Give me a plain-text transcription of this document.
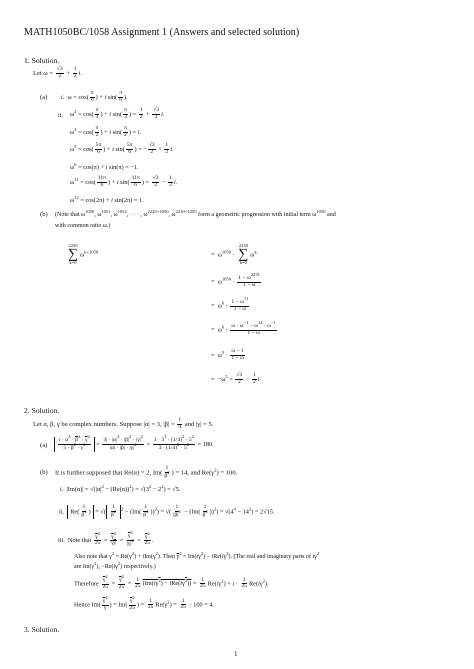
MATH1050BC/1058 Assignment 1 (Answers and selected solution)
1. Solution.
Let $\omega = \frac{√3}{2} + \frac{1}{2} i$.
(a) i.  $\omega = \cos( \frac{\pi}{6}$ ) + i $\sin( \frac{\pi}{6}$ ).
ii. $\omega^2 = \cos( \frac{\pi}{3}$ ) + i $\sin( \frac{\pi}{3}$ ) = $\frac{1}{2} + \frac{√3}{2} i$.
$\omega^3 = \cos( \frac{\pi}{2}$ ) + i $\sin( \frac{\pi}{2}$ ) = i.
$\omega^5 = \cos( \frac{5\pi}{6}$ ) + i $\sin( \frac{5\pi}{6}$ ) = − $\frac{√3}{2} + \frac{1}{2} i$.
$\omega^6 = \cos(\pi) + i$ sin(π) = −1.
$\omega^{11} = \cos( \frac{11\pi}{6}$ ) + i $\sin( \frac{11\pi}{6}$ ) = $\frac{√3}{2} - \frac{1}{2} i$.
$\omega^{12} = \cos(2\pi) + i$ sin(2π) = 1.
(b) (Note that $\omega^{1050}$, $\omega^{1051}$, $\omega^{1052}$, · · · , $\omega^{2229+1050}$, $\omega^{2230+1050}$ form a geometric progression with initial term $\omega^{1050}$ and
with common ratio ω.)
2230
∑
k=0
$\omega^{k+1050}$	=  $\omega^{1050}$ ·
2230
∑
k=0
$\omega^k$
=  $\omega^{1050} \cdot \frac{1 - \omega^{2231}}{1 - \omega}$
=  $\omega^6 \cdot \frac{1 - \omega^{11}}{1 - \omega}$
=  $\omega^6 \cdot \frac{\omega \cdot \omega^{-1} - \omega^{12} \cdot \omega^{-1}}{1 - \omega}$
=  $\omega^5 \cdot \frac{\omega - 1}{1 - \omega}$
=  $-\omega^5 = \frac{√3}{2} - \frac{1}{2}$ i
2. Solution.
Let α, β, γ be complex numbers. Suppose |α| = 3, $|\beta| = \frac{1}{4}$ and |γ| = 5.
$(a) \frac{i \cdot \alpha^3 \cdot \overline{\beta}^2 \cdot \overline{\gamma}^2}{5 \cdot \overline{\beta}^2 \cdot \gamma^2} = \frac{|i| \cdot |\alpha|^3 \cdot |\beta|^2 \cdot |\gamma|^2}{|\alpha| \cdot |\beta| \cdot |\gamma|^2} = \frac{1 \cdot 3^3 \cdot (1/4)^2 \cdot 5^2}{3 \cdot (1/4)^2 \cdot 5^2} = 180$.
(b) It is further supposed that Re(α) = 2, $Im( \frac{1}{\beta^2}$ ) = 14, and $Re(\gamma^2) = 100$.
i.  $|Im(\alpha)| = √(|\alpha|^2 - (Re(\alpha))^2) = √(3^2 - 2^2) = √5$.
ii.  $Re( \frac{1}{\beta^2}$ ) = √( $\frac{1}{\beta^2} ^2 - (Im( \frac{1}{\beta^2} ))^2$) = √( $\frac{1}{|\beta|^4} - (Im( \frac{1}{\beta^2} ))^2) = √(4^4 - 14^2) = 2√15$.
iii.  Note that $\frac{\overline{\gamma}^2}{25} = \frac{\overline{\gamma}^2}{\gamma\overline{\gamma}} = \frac{\overline{\gamma}^2}{|\gamma|^2} = \frac{\overline{\gamma}^2}{25}$ .
Also note that $\gamma^2 = Re(\gamma^2) + iIm(\gamma^2)$. Then $\overline{\gamma}^2 = Im(i\gamma^2) - iRe(i\gamma^2)$. (The real and imaginary parts of $i\gamma^2$
are $Im(\gamma^2)$, $-Re(i\gamma^2)$ respectively.)
Therefore $\frac{\overline{\gamma}^2}{25} = \frac{\overline{\gamma}^2}{25} = \frac{1}{25} (Im(i\gamma^2) - iRe(i\gamma^2)) = \frac{1}{25} Re(i\gamma^2) + i \cdot \frac{1}{25} Re(i\gamma^2)$.
Hence $Im( \frac{\overline{\gamma}^2}{\gamma}$ ) = $Im( \frac{\overline{\gamma}^2}{25}$ ) = $\frac{1}{25} Re(\gamma^2) = \frac{1}{25} \cdot 100 = 4$.
3. Solution.
1
